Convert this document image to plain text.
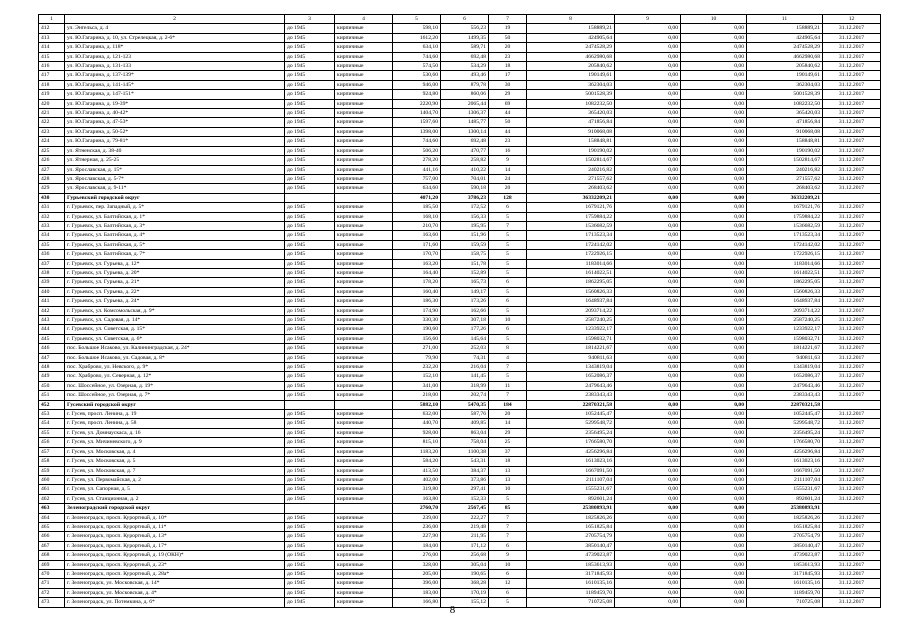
1	2	3	4	5	6	7	8	9	10	11	12
412	ул. Энгельса, д. 4	до 1945	кирпичные	598,10	556,23	19	158889,21	0,00	0,00	158889,21	31.12.2017
413	ул. Ю.Гагарина, д. 10, ул. Стрелецкая, д. 2-6*	до 1945	кирпичные	1612,20	1499,35	50	424905,64	0,00	0,00	424905,64	31.12.2017
414	ул. Ю.Гагарина, д. 118*	до 1945	кирпичные	634,10	589,71	20	2474528,29	0,00	0,00	2474528,29	31.12.2017
415	ул. Ю.Гагарина, д. 121-123	до 1945	кирпичные	744,60	692,48	23	4662980,68	0,00	0,00	4662980,68	31.12.2017
416	ул. Ю.Гагарина, д. 131-133	до 1945	кирпичные	574,50	534,29	18	205840,62	0,00	0,00	205840,62	31.12.2017
417	ул. Ю.Гагарина, д. 137-139*	до 1945	кирпичные	530,60	493,46	17	190149,61	0,00	0,00	190149,61	31.12.2017
418	ул. Ю.Гагарина, д. 141-145*	до 1945	кирпичные	946,00	879,78	30	362304,03	0,00	0,00	362304,03	31.12.2017
419	ул. Ю.Гагарина, д. 147-151*	до 1945	кирпичные	924,80	860,06	29	5001528,39	0,00	0,00	5001528,39	31.12.2017
420	ул. Ю.Гагарина, д. 19-39*	до 1945	кирпичные	2220,90	2065,44	69	1082232,50	0,00	0,00	1082232,50	31.12.2017
421	ул. Ю.Гагарина, д. 40-42*	до 1945	кирпичные	1404,70	1306,37	44	365420,03	0,00	0,00	365420,03	31.12.2017
422	ул. Ю.Гагарина, д. 47-53*	до 1945	кирпичные	1597,60	1485,77	50	471856,84	0,00	0,00	471856,84	31.12.2017
423	ул. Ю.Гагарина, д. 50-52*	до 1945	кирпичные	1398,00	1300,14	44	910068,08	0,00	0,00	910068,08	31.12.2017
424	ул. Ю.Гагарина, д. 79-81*	до 1945	кирпичные	744,60	692,48	23	158848,81	0,00	0,00	158848,81	31.12.2017
425	ул. Ятненская, д. 38-40	до 1945	кирпичные	506,20	470,77	16	190190,02	0,00	0,00	190190,02	31.12.2017
426	ул. Ятнерная, д. 25-25	до 1945	кирпичные	278,20	258,82	9	1502814,67	0,00	0,00	1502814,67	31.12.2017
427	ул. Ярославская, д. 15*	до 1945	кирпичные	441,16	410,22	14	240216,82	0,00	0,00	240216,82	31.12.2017
428	ул. Ярославская, д. 5-7*	до 1945	кирпичные	757,00	704,01	24	271557,62	0,00	0,00	271557,62	31.12.2017
429	ул. Ярославская, д. 9-11*	до 1945	кирпичные	634,60	590,18	20	268403,62	0,00	0,00	268403,62	31.12.2017
430	Гурьевский городской округ			4071,20	3786,23	128	36332209,21	0,00	0,00	36332209,21	
431	г. Гурьевск, пер. Западный, д. 5*	до 1945	кирпичные	185,50	172,52	6	1679121,76	0,00	0,00	1679121,76	31.12.2017
432	г. Гурьевск, ул. Балтийская, д. 1*	до 1945	кирпичные	168,10	156,33	5	1759884,22	0,00	0,00	1759884,22	31.12.2017
433	г. Гурьевск, ул. Балтийская, д. 3*	до 1945	кирпичные	210,70	195,95	7	1536682,59	0,00	0,00	1536682,59	31.12.2017
434	г. Гурьевск, ул. Балтийская, д. 4*	до 1945	кирпичные	163,60	151,96	5	1713523,34	0,00	0,00	1713523,34	31.12.2017
435	г. Гурьевск, ул. Балтийская, д. 5*	до 1945	кирпичные	171,60	159,59	5	1724142,02	0,00	0,00	1724142,02	31.12.2017
436	г. Гурьевск, ул. Балтийская, д. 7*	до 1945	кирпичные	170,70	158,75	5	1722926,15	0,00	0,00	1722926,15	31.12.2017
437	г. Гурьевск, ул. Гурьева, д. 12*	до 1945	кирпичные	163,20	151,78	5	1183014,66	0,00	0,00	1183014,66	31.12.2017
438	г. Гурьевск, ул. Гурьева, д. 20*	до 1945	кирпичные	164,40	152,89	5	1614022,51	0,00	0,00	1614022,51	31.12.2017
439	г. Гурьевск, ул. Гурьева, д. 21*	до 1945	кирпичные	178,20	165,73	6	1862295,05	0,00	0,00	1862295,05	31.12.2017
440	г. Гурьевск, ул. Гурьева, д. 22*	до 1945	кирпичные	160,40	149,17	5	1560826,33	0,00	0,00	1560826,33	31.12.2017
441	г. Гурьевск, ул. Гурьева, д. 24*	до 1945	кирпичные	186,30	173,26	6	1648937,84	0,00	0,00	1648937,84	31.12.2017
442	г. Гурьевск, ул. Комсомольская, д. 9*	до 1945	кирпичные	174,90	162,66	5	2093714,22	0,00	0,00	2093714,22	31.12.2017
443	г. Гурьевск, ул. Садовая, д. 14*	до 1945	кирпичные	330,30	307,18	10	2587240,25	0,00	0,00	2587240,25	31.12.2017
444	г. Гурьевск, ул. Советская, д. 15*	до 1945	кирпичные	190,60	177,26	6	1233922,17	0,00	0,00	1233922,17	31.12.2017
445	г. Гурьевск, ул. Советская, д. 6*	до 1945	кирпичные	156,60	145,64	5	1598032,71	0,00	0,00	1598032,71	31.12.2017
446	пос. Большое Исаково, ул. Калининградская, д. 24*	до 1945	кирпичные	271,00	252,03	8	1814221,67	0,00	0,00	1814221,67	31.12.2017
447	пос. Большое Исаково, ул. Садовая, д. 8*	до 1945	кирпичные	79,90	74,31	4	940811,63	0,00	0,00	940811,63	31.12.2017
448	пос. Храброво, ул. Невского, д. 9*	до 1945	кирпичные	232,20	216,04	7	1343819,04	0,00	0,00	1343819,04	31.12.2017
449	пос. Храброво, ул. Северная, д. 12*	до 1945	кирпичные	152,10	141,45	5	1652086,37	0,00	0,00	1652086,37	31.12.2017
450	пос. Шоссейное, ул. Озерная, д. 19*	до 1945	кирпичные	341,00	318,99	11	2479643,46	0,00	0,00	2479643,46	31.12.2017
451	пос. Шоссейное, ул. Озерная, д. 7*	до 1945	кирпичные	218,00	202,74	7	2383343,43	0,00	0,00	2383343,43	31.12.2017
452	Гусевский городской округ			5882,10	5470,35	184	22870321,58	0,00	0,00	22870321,58	
453	г. Гусев, просп. Ленина, д. 19	до 1945	кирпичные	632,00	587,76	20	1052445,47	0,00	0,00	1052445,47	31.12.2017
454	г. Гусев, просп. Ленина, д. 58	до 1945	кирпичные	440,70	409,85	14	5299548,72	0,00	0,00	5299548,72	31.12.2017
455	г. Гусев, ул. Домнаускаса, д. 16	до 1945	кирпичные	928,00	863,04	29	2356495,24	0,00	0,00	2356495,24	31.12.2017
456	г. Гусев, ул. Мичиневского, д. 9	до 1945	кирпичные	815,10	758,04	25	1766580,70	0,00	0,00	1766580,70	31.12.2017
457	г. Гусев, ул. Московская, д. 4	до 1945	кирпичные	1183,20	1100,38	37	4256296,84	0,00	0,00	4256296,84	31.12.2017
458	г. Гусев, ул. Московская, д. 5	до 1945	кирпичные	584,20	543,31	18	1613023,16	0,00	0,00	1613023,16	31.12.2017
459	г. Гусев, ул. Московская, д. 7	до 1945	кирпичные	413,50	384,37	13	1667091,50	0,00	0,00	1667091,50	31.12.2017
460	г. Гусев, ул. Первомайская, д. 2	до 1945	кирпичные	402,00	373,86	13	2111107,04	0,00	0,00	2111107,04	31.12.2017
461	г. Гусев, ул. Сапорная, д. 5	до 1945	кирпичные	319,80	297,41	10	1555231,67	0,00	0,00	1555231,67	31.12.2017
462	г. Гусев, ул. Станционная, д. 2	до 1945	кирпичные	163,80	152,33	5	892601,24	0,00	0,00	892601,24	31.12.2017
463	Зеленоградский городской округ			2760,70	2567,45	85	25380893,91	0,00	0,00	25380893,91	
464	г. Зеленоградск, просп. Курортный, д. 10*	до 1945	кирпичные	239,00	222,27	7	1825826,26	0,00	0,00	1825826,26	31.12.2017
465	г. Зеленоградск, просп. Курортный, д. 11*	до 1945	кирпичные	236,00	219,48	7	1651825,84	0,00	0,00	1651825,84	31.12.2017
466	г. Зеленоградск, просп. Курортный, д. 13*	до 1945	кирпичные	227,90	211,95	7	2705754,79	0,00	0,00	2705754,79	31.12.2017
467	г. Зеленоградск, просп. Курортный, д. 17*	до 1945	кирпичные	184,00	171,12	6	3850140,47	0,00	0,00	3850140,47	31.12.2017
468	г. Зеленоградск, просп. Курортный, д. 19 (ОКН)*	до 1945	кирпичные	276,00	256,68	9	4739023,87	0,00	0,00	4739023,87	31.12.2017
469	г. Зеленоградск, просп. Курортный, д. 23*	до 1945	кирпичные	328,00	305,04	10	1853613,93	0,00	0,00	1853613,93	31.12.2017
470	г. Зеленоградск, просп. Курортный, д. 28а*	до 1945	кирпичные	205,00	190,65	6	3171845,93	0,00	0,00	3171845,93	31.12.2017
471	г. Зеленоградск, ул. Московская, д. 14*	до 1945	кирпичные	396,00	368,28	12	1610135,16	0,00	0,00	1610135,16	31.12.2017
472	г. Зеленоградск, ул. Московская, д. 4*	до 1945	кирпичные	183,00	170,19	6	1189459,70	0,00	0,00	1189459,70	31.12.2017
473	г. Зеленоградск, ул. Потемкина, д. 6*	до 1945	кирпичные	166,80	155,12	5	710725,08	0,00	0,00	710725,08	31.12.2017
8
